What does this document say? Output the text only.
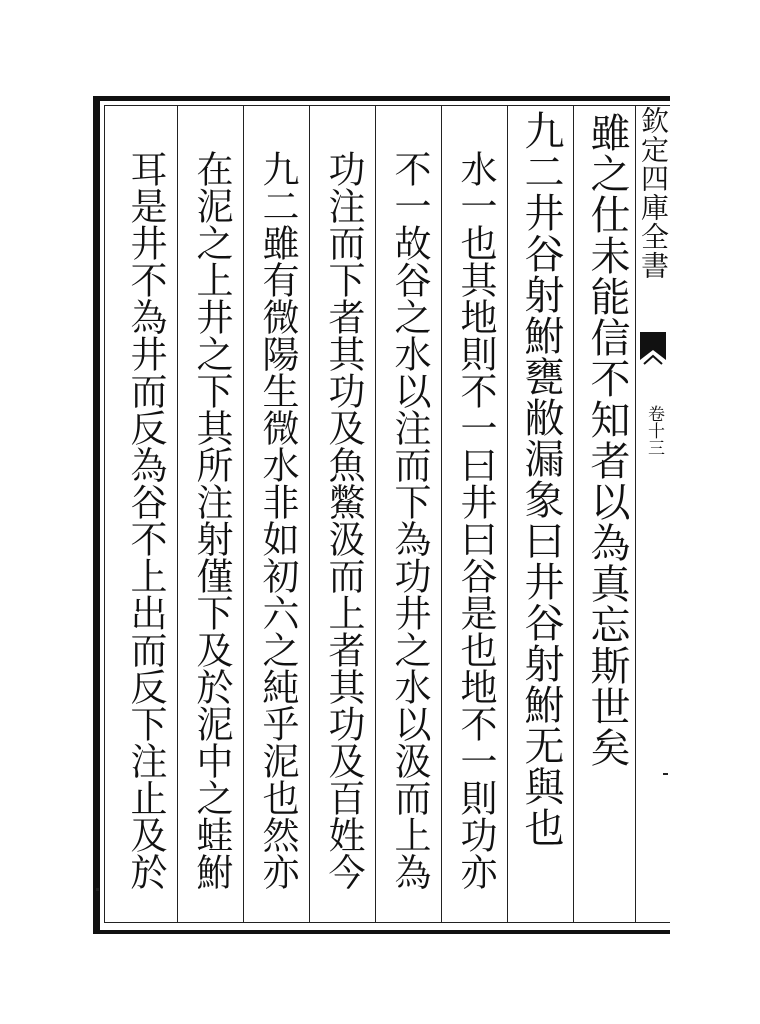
雖之仕未能信不知者以為真忘斯世矣
九二井谷射鮒甕敝漏象曰井谷射鮒无與也
水一也其地則不一曰井曰谷是也地不一則功亦
不一故谷之水以注而下為功井之水以汲而上為
功注而下者其功及魚鱉汲而上者其功及百姓今
九二雖有微陽生微水非如初六之純乎泥也然亦
在泥之上井之下其所注射僅下及於泥中之蛙鮒
耳是井不為井而反為谷不上出而反下注止及於	欽定四庫全書
卷十三
